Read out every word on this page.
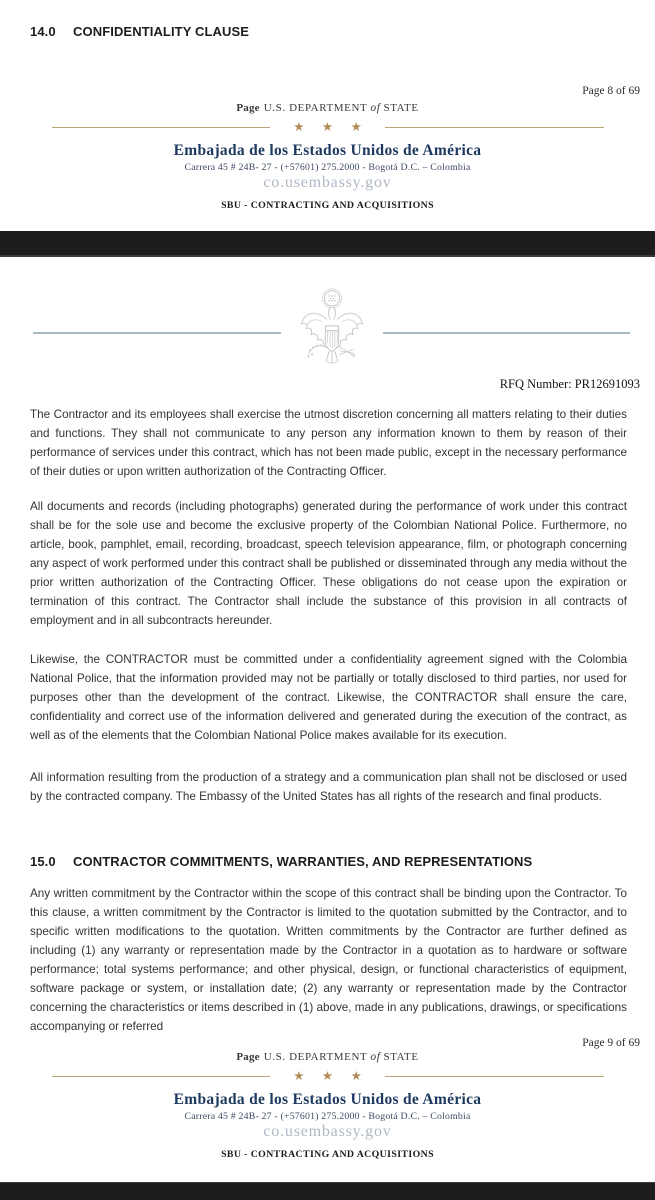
14.0	CONFIDENTIALITY CLAUSE
Page 8 of 69
Page U.S. DEPARTMENT of STATE
★ ★ ★
Embajada de los Estados Unidos de América
Carrera 45 # 24B- 27 - (+57601) 275.2000 - Bogotá D.C. – Colombia
co.usembassy.gov
SBU - CONTRACTING AND ACQUISITIONS
RFQ Number: PR12691093

The Contractor and its employees shall exercise the utmost discretion concerning all matters relating to their duties and functions. They shall not communicate to any person any information known to them by reason of their performance of services under this contract, which has not been made public, except in the necessary performance of their duties or upon written authorization of the Contracting Officer.

All documents and records (including photographs) generated during the performance of work under this contract shall be for the sole use and become the exclusive property of the Colombian National Police. Furthermore, no article, book, pamphlet, email, recording, broadcast, speech television appearance, film, or photograph concerning any aspect of work performed under this contract shall be published or disseminated through any media without the prior written authorization of the Contracting Officer. These obligations do not cease upon the expiration or termination of this contract. The Contractor shall include the substance of this provision in all contracts of employment and in all subcontracts hereunder.

Likewise, the CONTRACTOR must be committed under a confidentiality agreement signed with the Colombia National Police, that the information provided may not be partially or totally disclosed to third parties, nor used for purposes other than the development of the contract. Likewise, the CONTRACTOR shall ensure the care, confidentiality and correct use of the information delivered and generated during the execution of the contract, as well as of the elements that the Colombian National Police makes available for its execution.

All information resulting from the production of a strategy and a communication plan shall not be disclosed or used by the contracted company. The Embassy of the United States has all rights of the research and final products.

15.0	CONTRACTOR COMMITMENTS, WARRANTIES, AND REPRESENTATIONS

Any written commitment by the Contractor within the scope of this contract shall be binding upon the Contractor. To this clause, a written commitment by the Contractor is limited to the quotation submitted by the Contractor, and to specific written modifications to the quotation. Written commitments by the Contractor are further defined as including (1) any warranty or representation made by the Contractor in a quotation as to hardware or software performance; total systems performance; and other physical, design, or functional characteristics of equipment, software package or system, or installation date; (2) any warranty or representation made by the Contractor concerning the characteristics or items described in (1) above, made in any publications, drawings, or specifications accompanying or referred

Page 9 of 69
Page U.S. DEPARTMENT of STATE
★ ★ ★
Embajada de los Estados Unidos de América
Carrera 45 # 24B- 27 - (+57601) 275.2000 - Bogotá D.C. – Colombia
co.usembassy.gov
SBU - CONTRACTING AND ACQUISITIONS
